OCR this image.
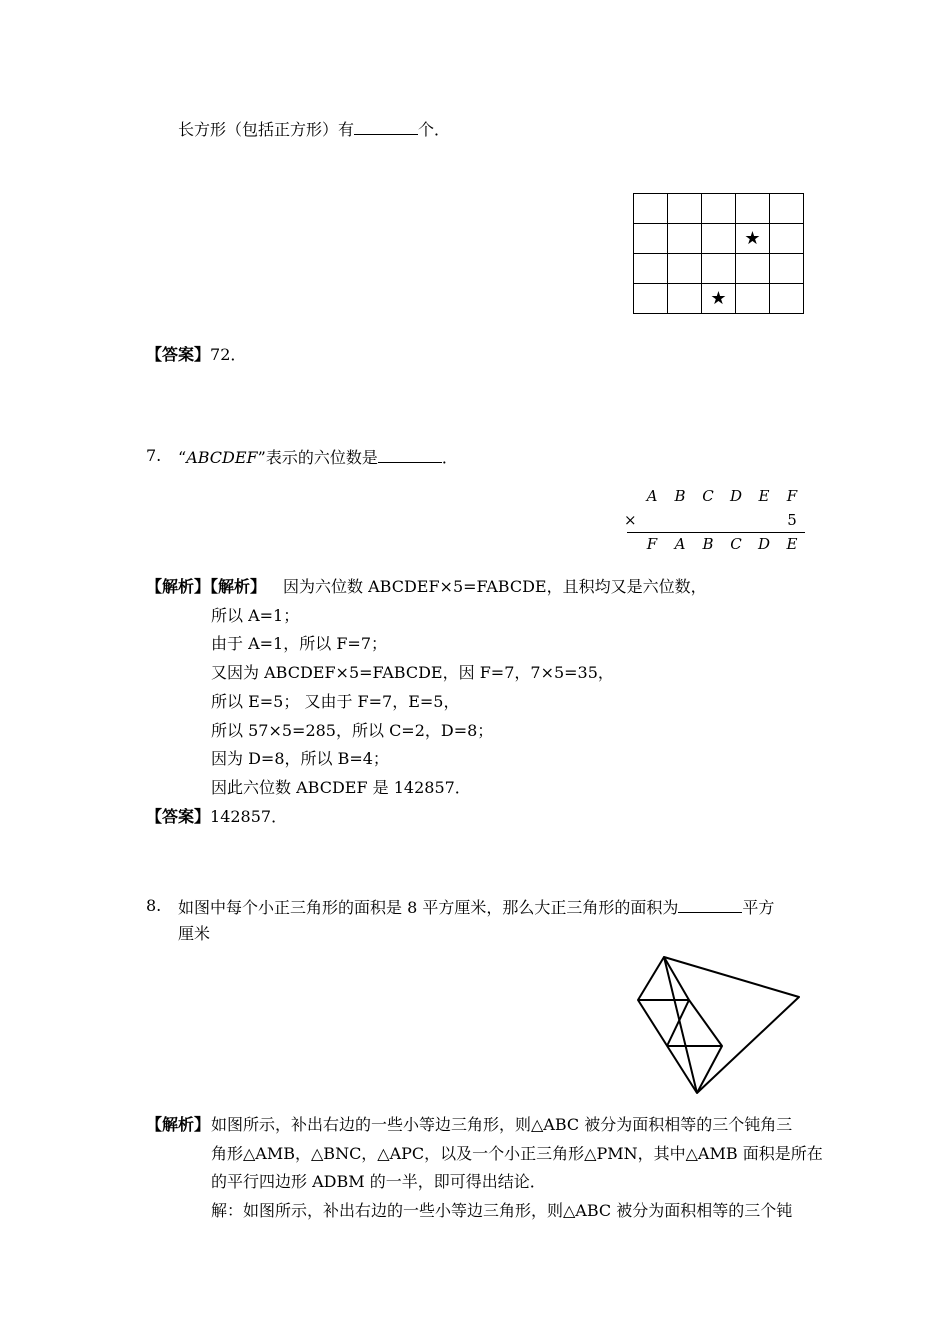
长方形（包括正方形）有	个．

			★	

		★		
【答案】72．
7. “ABCDEF”表示的六位数是	．
A	B	C	D	E	F
×	5
F	A	B	C	D	E
【解析】【解析】 因为六位数 ABCDEF×5=FABCDE，且积均又是六位数，
所以 A=1；
由于 A=1，所以 F=7；
又因为 ABCDEF×5=FABCDE，因 F=7，7×5=35，
所以 E=5； 又由于 F=7，E=5，
所以 57×5=285，所以 C=2，D=8；
因为 D=8，所以 B=4；
因此六位数 ABCDEF 是 142857．
【答案】142857．
8. 如图中每个小正三角形的面积是 8 平方厘米，那么大正三角形的面积为	平方
厘米
【解析】 如图所示，补出右边的一些小等边三角形，则△ABC 被分为面积相等的三个钝角三
角形△AMB，△BNC，△APC，以及一个小正三角形△PMN，其中△AMB 面积是所在
的平行四边形 ADBM 的一半，即可得出结论．
解：如图所示，补出右边的一些小等边三角形，则△ABC 被分为面积相等的三个钝
